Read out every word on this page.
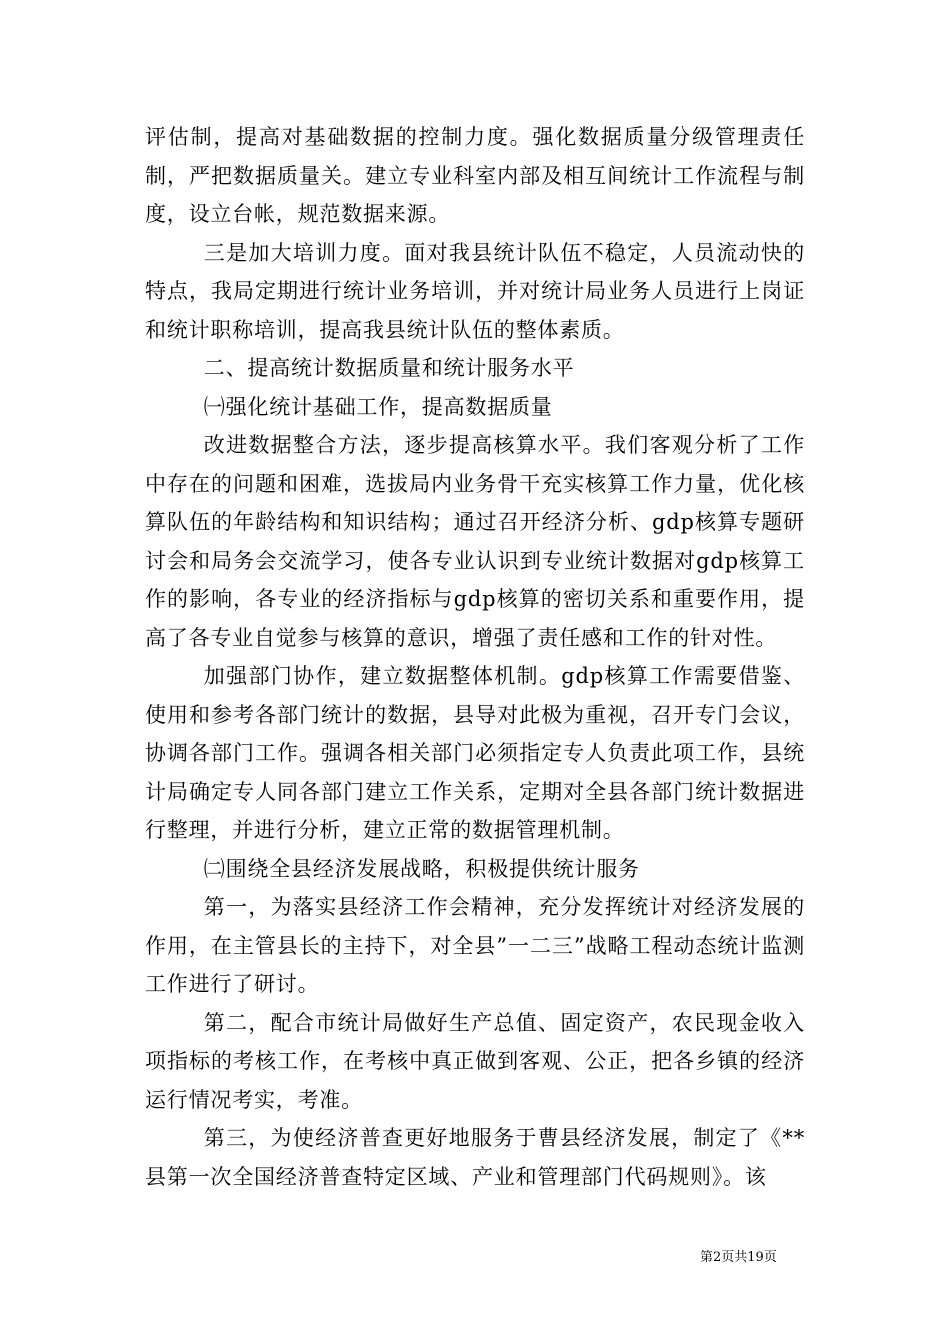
评估制，提高对基础数据的控制力度。强化数据质量分级管理责任制，严把数据质量关。建立专业科室内部及相互间统计工作流程与制度，设立台帐，规范数据来源。

三是加大培训力度。面对我县统计队伍不稳定，人员流动快的特点，我局定期进行统计业务培训，并对统计局业务人员进行上岗证和统计职称培训，提高我县统计队伍的整体素质。

二、提高统计数据质量和统计服务水平

㈠强化统计基础工作，提高数据质量

改进数据整合方法，逐步提高核算水平。我们客观分析了工作中存在的问题和困难，选拔局内业务骨干充实核算工作力量，优化核算队伍的年龄结构和知识结构；通过召开经济分析、gdp核算专题研讨会和局务会交流学习，使各专业认识到专业统计数据对gdp核算工作的影响，各专业的经济指标与gdp核算的密切关系和重要作用，提高了各专业自觉参与核算的意识，增强了责任感和工作的针对性。

加强部门协作，建立数据整体机制。gdp核算工作需要借鉴、使用和参考各部门统计的数据，县导对此极为重视，召开专门会议，协调各部门工作。强调各相关部门必须指定专人负责此项工作，县统计局确定专人同各部门建立工作关系，定期对全县各部门统计数据进行整理，并进行分析，建立正常的数据管理机制。

㈡围绕全县经济发展战略，积极提供统计服务

第一，为落实县经济工作会精神，充分发挥统计对经济发展的作用，在主管县长的主持下，对全县”一二三”战略工程动态统计监测工作进行了研讨。

第二，配合市统计局做好生产总值、固定资产，农民现金收入项指标的考核工作，在考核中真正做到客观、公正，把各乡镇的经济运行情况考实，考准。

第三，为使经济普查更好地服务于曹县经济发展，制定了《**县第一次全国经济普查特定区域、产业和管理部门代码规则》。该

第2页共19页
